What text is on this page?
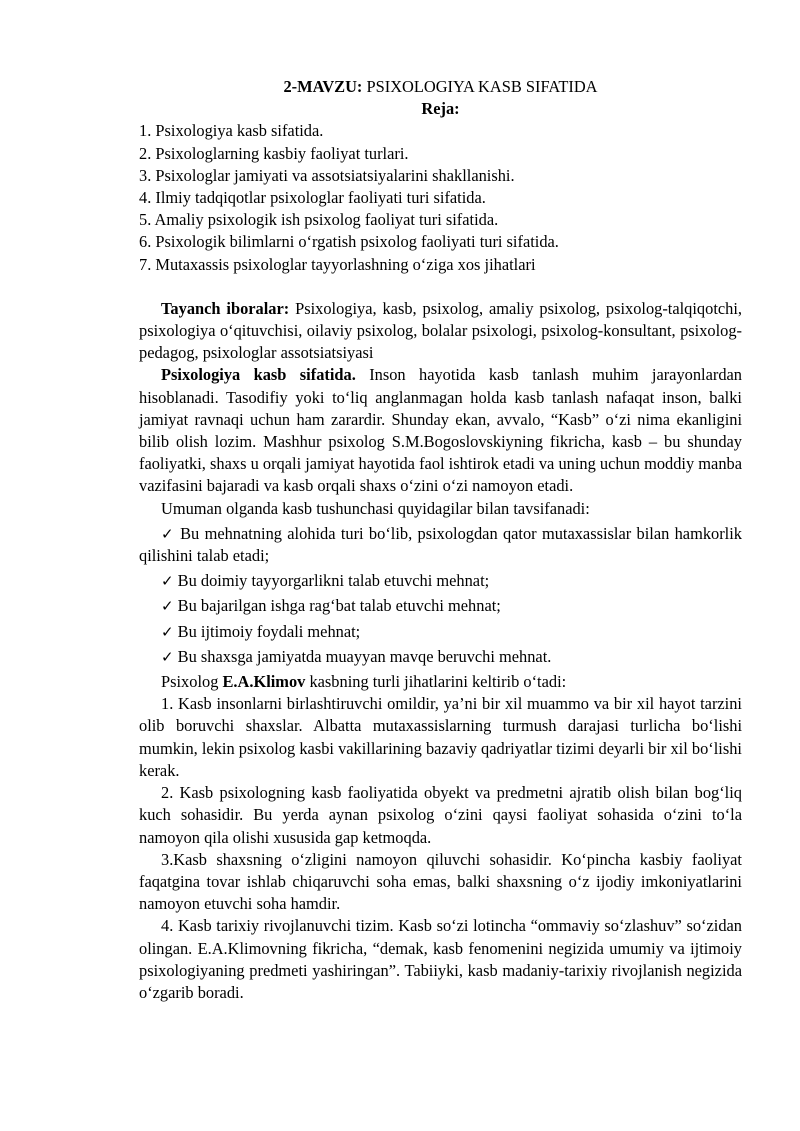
2-MAVZU: PSIXOLOGIYA KASB SIFATIDA
Reja:
1. Psixologiya kasb sifatida.
2. Psixologlarning kasbiy faoliyat turlari.
3. Psixologlar jamiyati va assotsiatsiyalarini shakllanishi.
4. Ilmiy tadqiqotlar psixologlar faoliyati turi sifatida.
5. Amaliy psixologik ish psixolog faoliyat turi sifatida.
6. Psixologik bilimlarni o‘rgatish psixolog faoliyati turi sifatida.
7. Mutaxassis psixologlar tayyorlashning o‘ziga xos jihatlari

Tayanch iboralar: Psixologiya, kasb, psixolog, amaliy psixolog, psixolog-talqiqotchi, psixologiya o‘qituvchisi, oilaviy psixolog, bolalar psixologi, psixolog-konsultant, psixolog-pedagog, psixologlar assotsiatsiyasi

Psixologiya kasb sifatida. Inson hayotida kasb tanlash muhim jarayonlardan hisoblanadi. Tasodifiy yoki to‘liq anglanmagan holda kasb tanlash nafaqat inson, balki jamiyat ravnaqi uchun ham zarardir. Shunday ekan, avvalo, “Kasb” o‘zi nima ekanligini bilib olish lozim. Mashhur psixolog S.M.Bogoslovskiyning fikricha, kasb – bu shunday faoliyatki, shaxs u orqali jamiyat hayotida faol ishtirok etadi va uning uchun moddiy manba vazifasini bajaradi va kasb orqali shaxs o‘zini o‘zi namoyon etadi.

Umuman olganda kasb tushunchasi quyidagilar bilan tavsifanadi:

✓ Bu mehnatning alohida turi bo‘lib, psixologdan qator mutaxassislar bilan hamkorlik qilishini talab etadi;
✓ Bu doimiy tayyorgarlikni talab etuvchi mehnat;
✓ Bu bajarilgan ishga rag‘bat talab etuvchi mehnat;
✓ Bu ijtimoiy foydali mehnat;
✓ Bu shaxsga jamiyatda muayyan mavqe beruvchi mehnat.

Psixolog E.A.Klimov kasbning turli jihatlarini keltirib o‘tadi:

1. Kasb insonlarni birlashtiruvchi omildir, ya’ni bir xil muammo va bir xil hayot tarzini olib boruvchi shaxslar. Albatta mutaxassislarning turmush darajasi turlicha bo‘lishi mumkin, lekin psixolog kasbi vakillarining bazaviy qadriyatlar tizimi deyarli bir xil bo‘lishi kerak.

2. Kasb psixologning kasb faoliyatida obyekt va predmetni ajratib olish bilan bog‘liq kuch sohasidir. Bu yerda aynan psixolog o‘zini qaysi faoliyat sohasida o‘zini to‘la namoyon qila olishi xususida gap ketmoqda.

3.Kasb shaxsning o‘zligini namoyon qiluvchi sohasidir. Ko‘pincha kasbiy faoliyat faqatgina tovar ishlab chiqaruvchi soha emas, balki shaxsning o‘z ijodiy imkoniyatlarini namoyon etuvchi soha hamdir.

4. Kasb tarixiy rivojlanuvchi tizim. Kasb so‘zi lotincha “ommaviy so‘zlashuv” so‘zidan olingan. E.A.Klimovning fikricha, “demak, kasb fenomenini negizida umumiy va ijtimoiy psixologiyaning predmeti yashiringan”. Tabiiyki, kasb madaniy-tarixiy rivojlanish negizida o‘zgarib boradi.
